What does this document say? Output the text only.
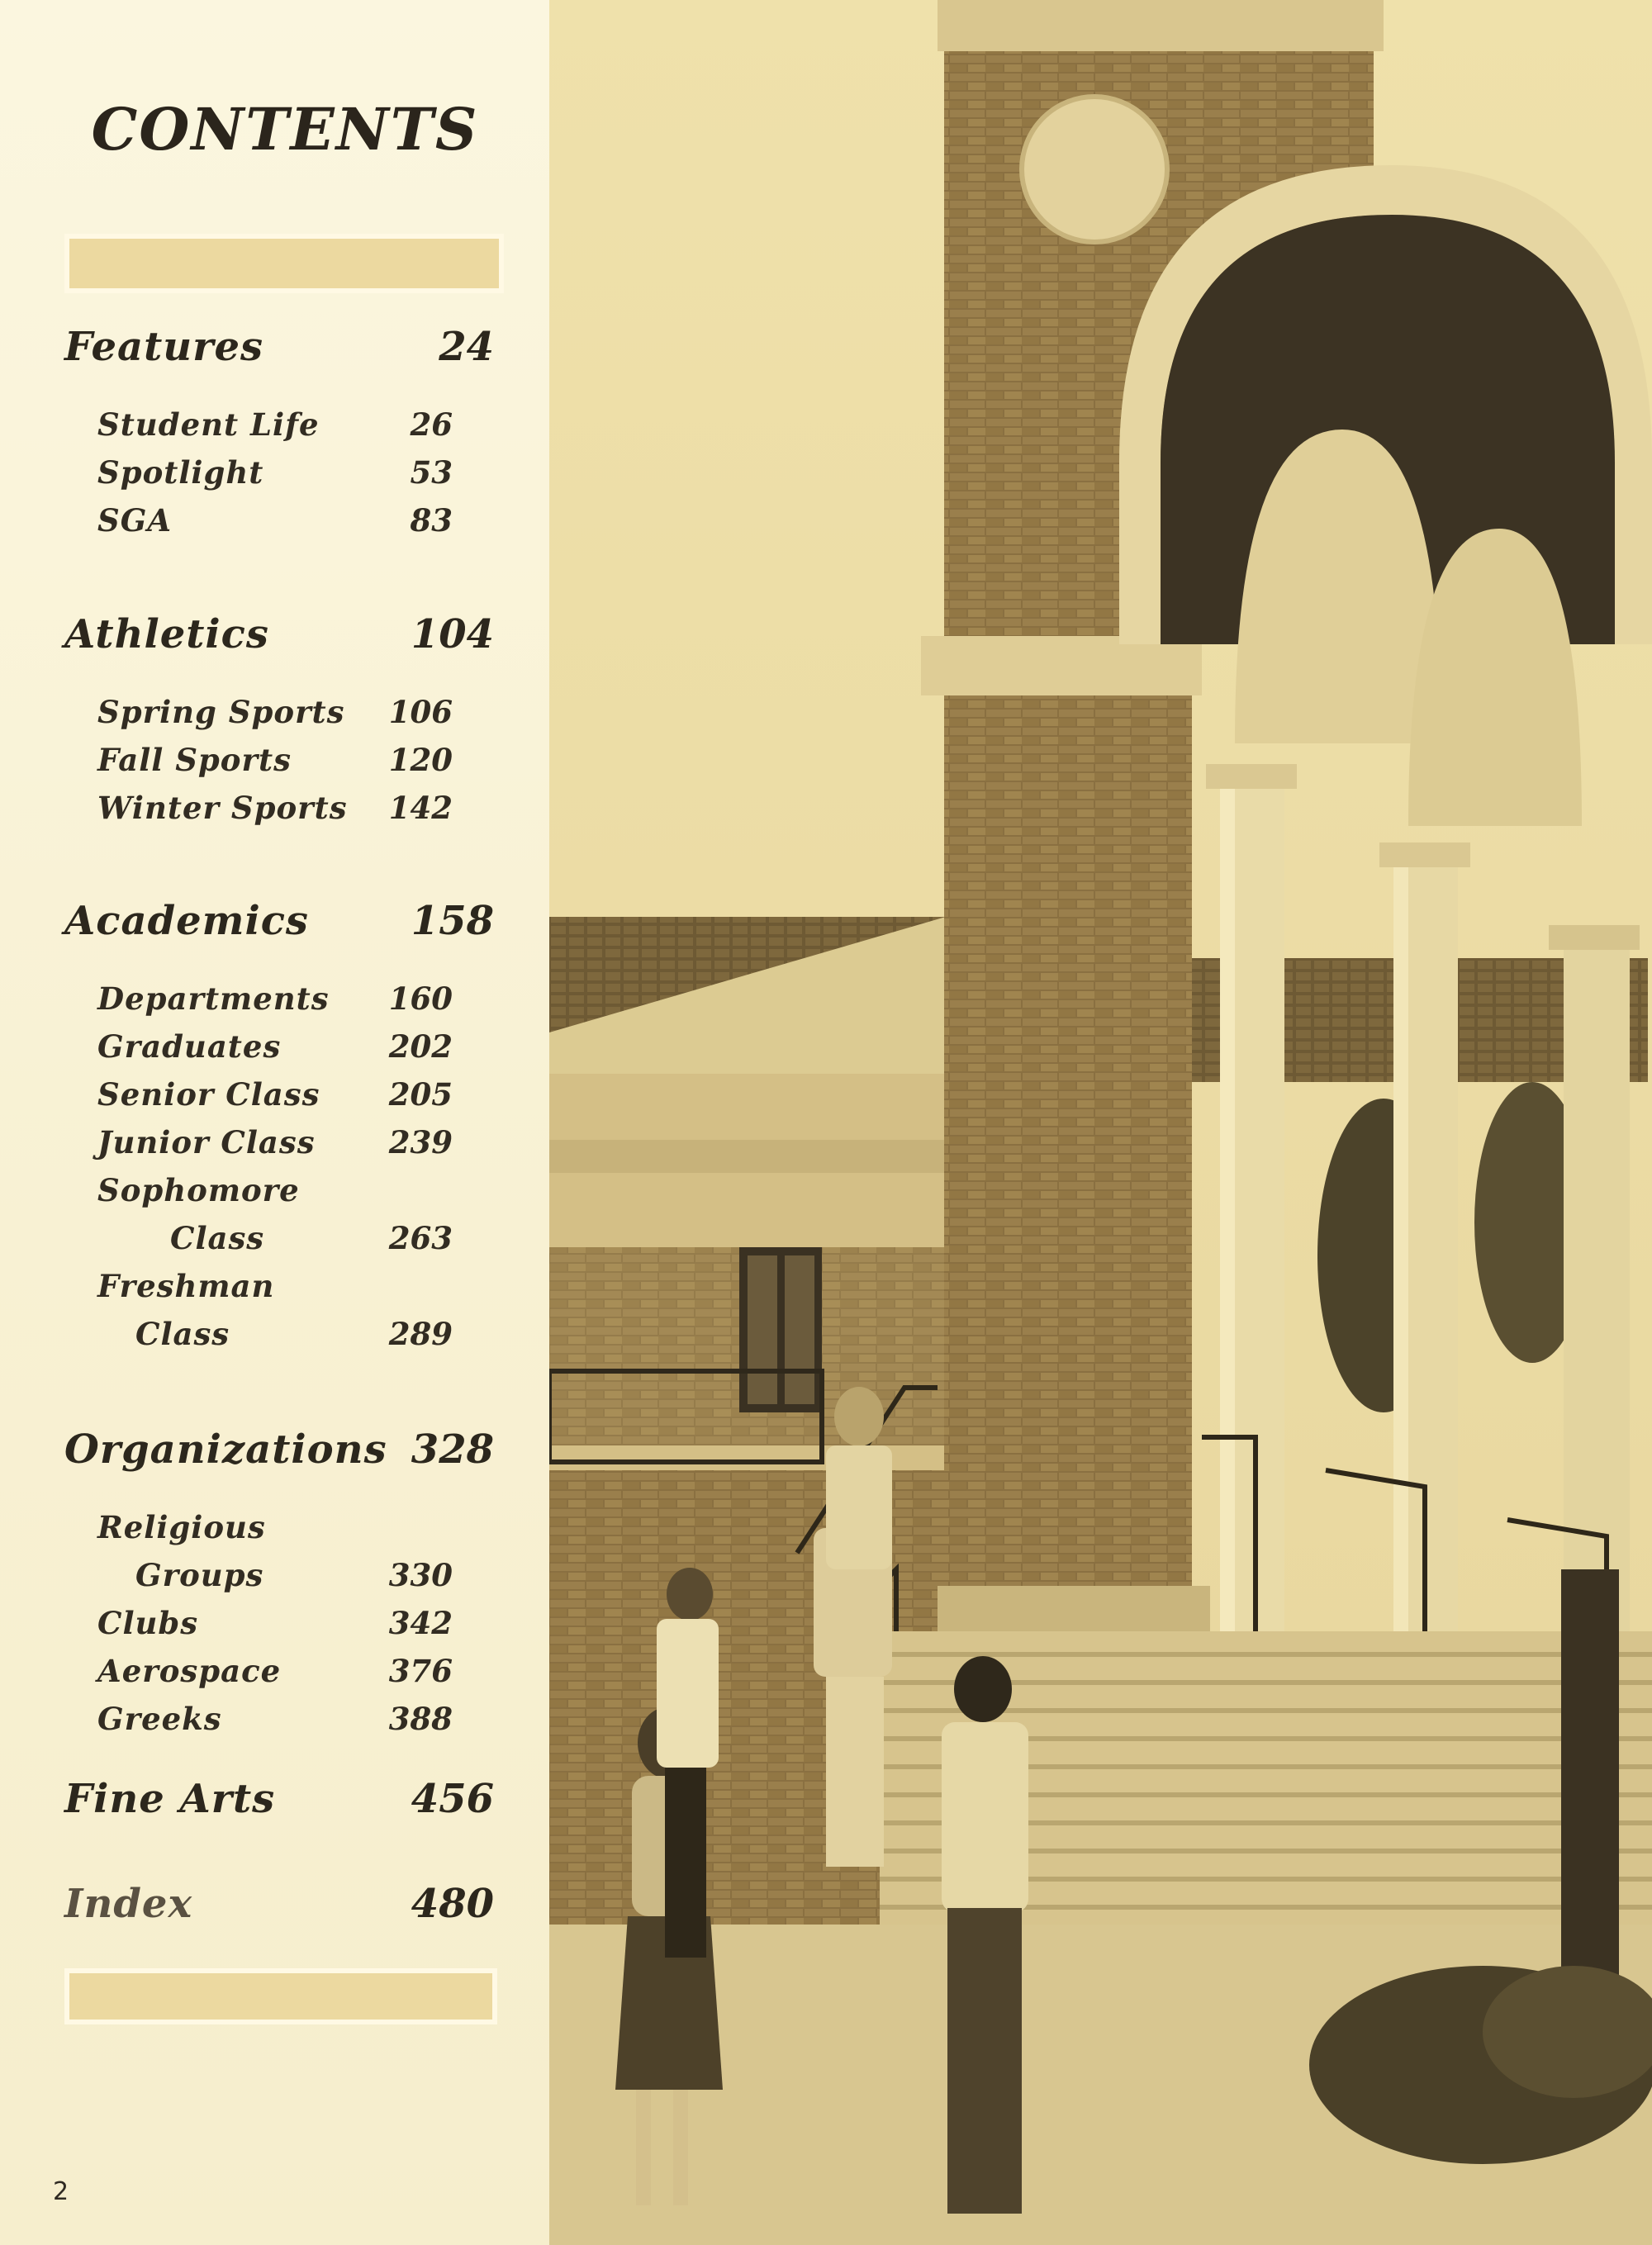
CONTENTS
Features	24
Student Life	26
Spotlight	53
SGA	83
Athletics	104
Spring Sports 106
Fall Sports	120
Winter Sports 142
Academics	158
Departments 160
Graduates	202
Senior Class 205
Junior Class 239
Sophomore
Class	263
Freshman
Class	289
Organizations 328
Religious
Groups	330
Clubs	342
Aerospace	376
Greeks	388
Fine Arts	456
Index	480
2
